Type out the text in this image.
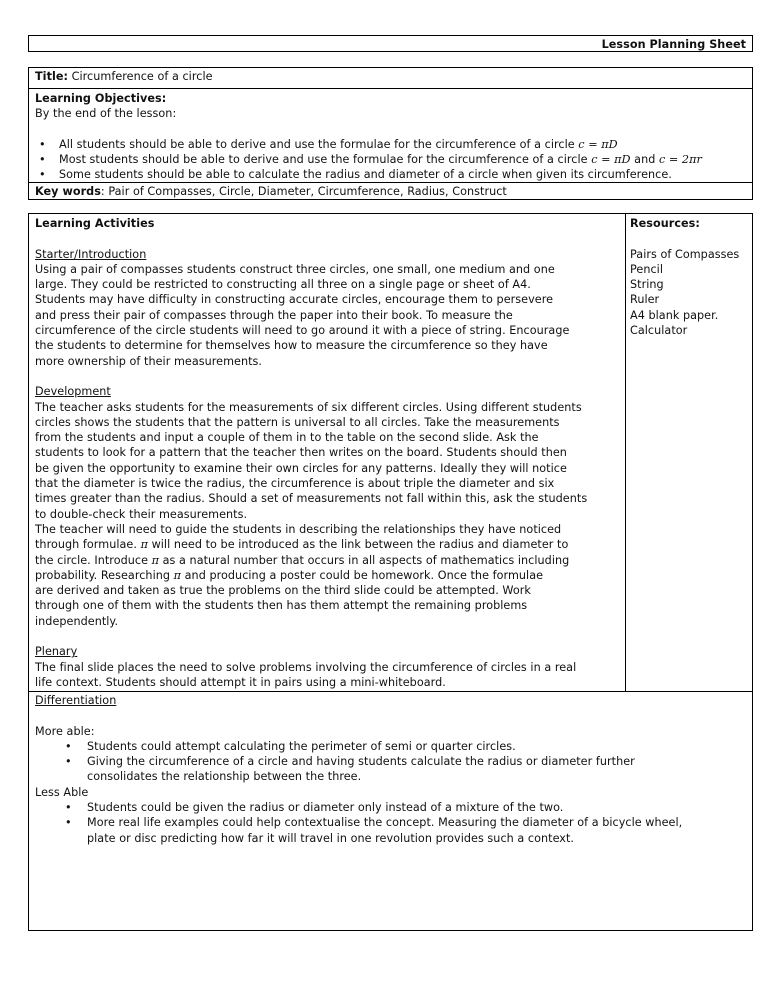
Lesson Planning Sheet
Title: Circumference of a circle
Learning Objectives:
By the end of the lesson:
• All students should be able to derive and use the formulae for the circumference of a circle c = πD
• Most students should be able to derive and use the formulae for the circumference of a circle c = πD and c = 2πr
• Some students should be able to calculate the radius and diameter of a circle when given its circumference.
Key words: Pair of Compasses, Circle, Diameter, Circumference, Radius, Construct
Learning Activities
Starter/Introduction

Using a pair of compasses students construct three circles, one small, one medium and one

large. They could be restricted to constructing all three on a single page or sheet of A4.

Students may have difficulty in constructing accurate circles, encourage them to persevere

and press their pair of compasses through the paper into their book. To measure the

circumference of the circle students will need to go around it with a piece of string. Encourage

the students to determine for themselves how to measure the circumference so they have

more ownership of their measurements.

Development

The teacher asks students for the measurements of six different circles. Using different students

circles shows the students that the pattern is universal to all circles. Take the measurements

from the students and input a couple of them in to the table on the second slide. Ask the

students to look for a pattern that the teacher then writes on the board. Students should then

be given the opportunity to examine their own circles for any patterns. Ideally they will notice

that the diameter is twice the radius, the circumference is about triple the diameter and six

times greater than the radius. Should a set of measurements not fall within this, ask the students

to double-check their measurements.

The teacher will need to guide the students in describing the relationships they have noticed

through formulae. π will need to be introduced as the link between the radius and diameter to

the circle. Introduce π as a natural number that occurs in all aspects of mathematics including

probability. Researching π and producing a poster could be homework. Once the formulae

are derived and taken as true the problems on the third slide could be attempted. Work

through one of them with the students then has them attempt the remaining problems

independently.

Plenary

The final slide places the need to solve problems involving the circumference of circles in a real

life context. Students should attempt it in pairs using a mini-whiteboard.

Resources:
Pairs of Compasses
Pencil
String
Ruler
A4 blank paper.
Calculator
Differentiation
More able:

• Students could attempt calculating the perimeter of semi or quarter circles.

• Giving the circumference of a circle and having students calculate the radius or diameter further

consolidates the relationship between the three.

Less Able

• Students could be given the radius or diameter only instead of a mixture of the two.

• More real life examples could help contextualise the concept. Measuring the diameter of a bicycle wheel,

plate or disc predicting how far it will travel in one revolution provides such a context.
